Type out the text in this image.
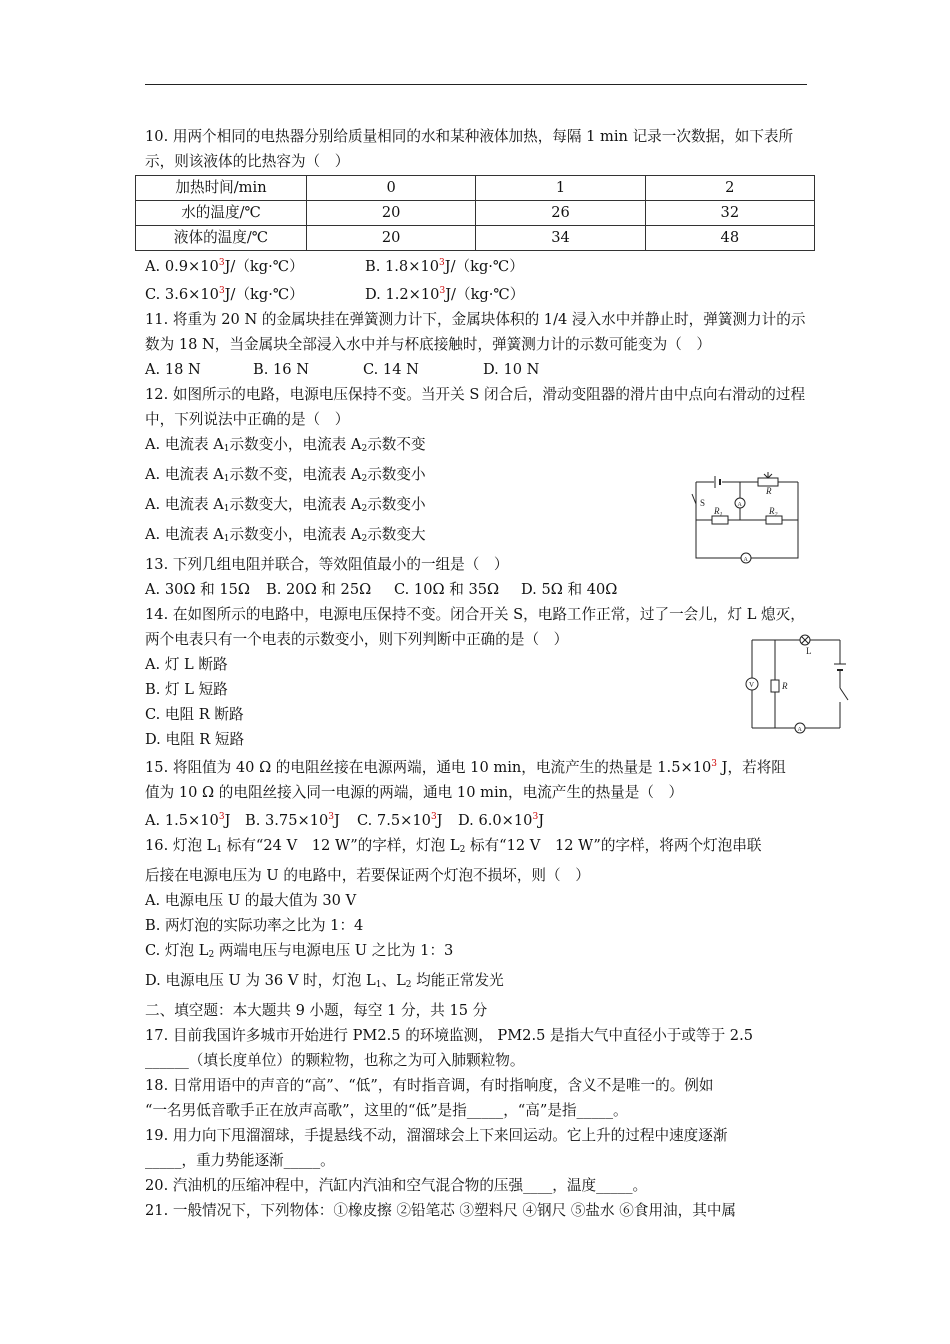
10. 用两个相同的电热器分别给质量相同的水和某种液体加热，每隔 1 min 记录一次数据，如下表所示，则该液体的比热容为（　）

加热时间/min	0	1	2
水的温度/℃	20	26	32
液体的温度/℃	20	34	48
A. $0.9\times 10^3J/(kg\cdot℃)$	B. $1.8\times 10^3J/(kg\cdot℃)$
C. $3.6\times 10^3J/(kg\cdot℃)$	D. $1.2\times 10^3J/(kg\cdot℃)$

11. 将重为 20 N 的金属块挂在弹簧测力计下，金属块体积的 1/4 浸入水中并静止时，弹簧测力计的示数为 18 N，当金属块全部浸入水中并与杯底接触时，弹簧测力计的示数可能变为（　）

A. 18 N	B. 16 N	C. 14 N	D. 10 N

12. 如图所示的电路，电源电压保持不变。当开关 S 闭合后，滑动变阻器的滑片由中点向右滑动的过程中，下列说法中正确的是（　）

A. 电流表 $A_1$示数变小，电流表 $A_2$示数不变
A. 电流表 $A_1$示数不变，电流表 $A_2$示数变小
A. 电流表 $A_1$示数变大，电流表 $A_2$示数变小
A. 电流表 $A_1$示数变小，电流表 $A_2$示数变大

13. 下列几组电阻并联合，等效阻值最小的一组是（　）

A. 30Ω 和 15Ω	B. 20Ω 和 25Ω	C. 10Ω 和 35Ω	D. 5Ω 和 40Ω

14. 在如图所示的电路中，电源电压保持不变。闭合开关 S，电路工作正常，过了一会儿，灯 L 熄灭，两个电表只有一个电表的示数变小，则下列判断中正确的是（　）

A. 灯 L 断路
B. 灯 L 短路
C. 电阻 R 断路
D. 电阻 R 短路
15. 将阻值为 40 Ω 的电阻丝接在电源两端，通电 10 min，电流产生的热量是 $1.5\times 10^3$ J，若将阻
值为 10 Ω 的电阻丝接入同一电源的两端，通电 10 min，电流产生的热量是（　）
A. $1.5\times 10^3J$ B. $3.75\times 10^3J$	C. $7.5\times 10^3J$	D. $6.0\times 10^3J$
16. 灯泡 $L_1$ 标有“24 V　12 W”的字样，灯泡 $L_2$ 标有“12 V　12 W”的字样，将两个灯泡串联
后接在电源电压为 U 的电路中，若要保证两个灯泡不损坏，则（　）
A. 电源电压 U 的最大值为 30 V
B. 两灯泡的实际功率之比为 1：4
C. 灯泡 $L_2$ 两端电压与电源电压 U 之比为 1：3
D. 电源电压 U 为 36 V 时，灯泡 $L_1$、$L_2$ 均能正常发光
二、填空题：本大题共 9 小题，每空 1 分，共 15 分
17. 目前我国许多城市开始进行 PM2.5 的环境监测， PM2.5 是指大气中直径小于或等于 2.5
______（填长度单位）的颗粒物，也称之为可入肺颗粒物。
18. 日常用语中的声音的“高”、“低”，有时指音调，有时指响度，含义不是唯一的。例如
“一名男低音歌手正在放声高歌”，这里的“低”是指_____，“高”是指_____。
19. 用力向下甩溜溜球，手提悬线不动，溜溜球会上下来回运动。它上升的过程中速度逐渐
_____，重力势能逐渐_____。
20. 汽油机的压缩冲程中，汽缸内汽油和空气混合物的压强____，温度_____。
21. 一般情况下，下列物体：①橡皮擦 ②铅笔芯 ③塑料尺 ④钢尺 ⑤盐水 ⑥食用油，其中属
R
S	A
$R_1$	$R_2$
A
L
V	R
A
